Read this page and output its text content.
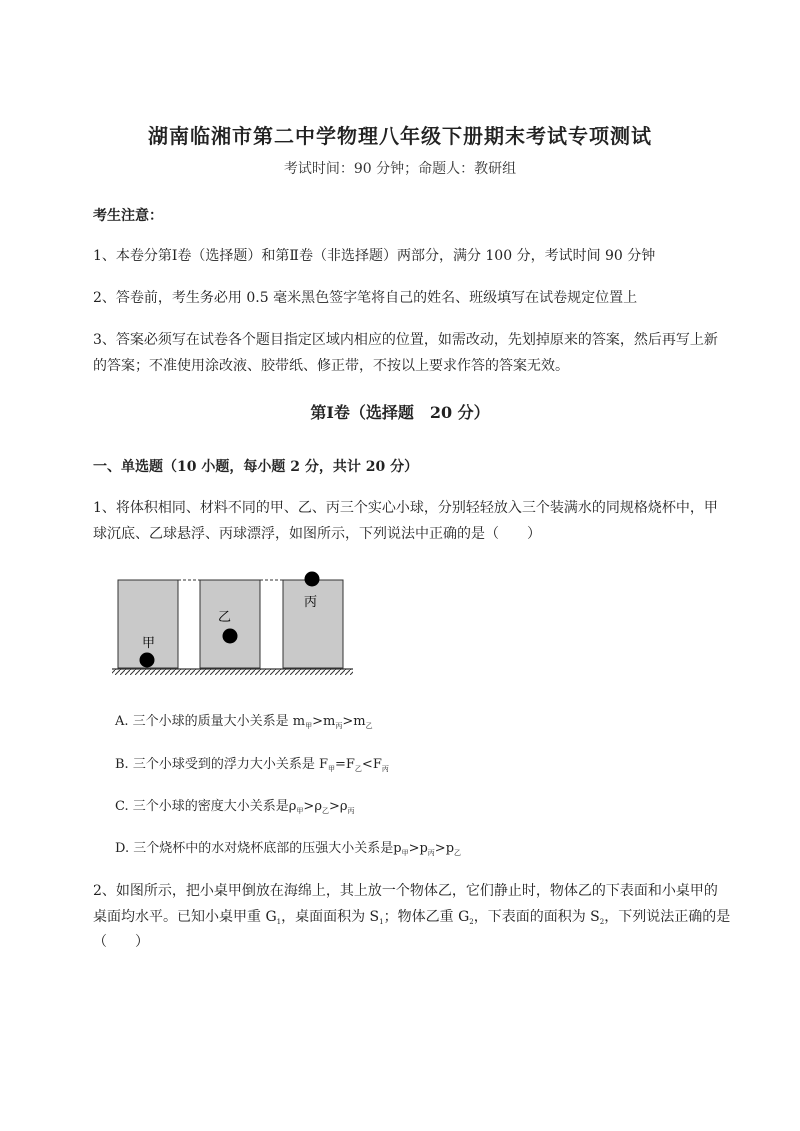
湖南临湘市第二中学物理八年级下册期末考试专项测试
考试时间：90 分钟；命题人：教研组
考生注意：
1、本卷分第Ⅰ卷（选择题）和第Ⅱ卷（非选择题）两部分，满分 100 分，考试时间 90 分钟
2、答卷前，考生务必用 0.5 毫米黑色签字笔将自己的姓名、班级填写在试卷规定位置上
3、答案必须写在试卷各个题目指定区域内相应的位置，如需改动，先划掉原来的答案，然后再写上新
的答案；不准使用涂改液、胶带纸、修正带，不按以上要求作答的答案无效。
第Ⅰ卷（选择题　20 分）
一、单选题（10 小题，每小题 2 分，共计 20 分）
1、将体积相同、材料不同的甲、乙、丙三个实心小球，分别轻轻放入三个装满水的同规格烧杯中，甲
球沉底、乙球悬浮、丙球漂浮，如图所示，下列说法中正确的是（　　）
甲
乙
丙
A. 三个小球的质量大小关系是 $m_甲>m_丙>m_乙$
B. 三个小球受到的浮力大小关系是 $F_甲=F_乙<F_丙$
C. 三个小球的密度大小关系是$\rho_甲>\rho_乙>\rho_丙$
D. 三个烧杯中的水对烧杯底部的压强大小关系是$p_甲>p_丙>p_乙$
2、如图所示，把小桌甲倒放在海绵上，其上放一个物体乙，它们静止时，物体乙的下表面和小桌甲的
桌面均水平。已知小桌甲重 $G_1$，桌面面积为 $S_1$；物体乙重 $G_2$，下表面的面积为 $S_2$，下列说法正确的是
（　　）
